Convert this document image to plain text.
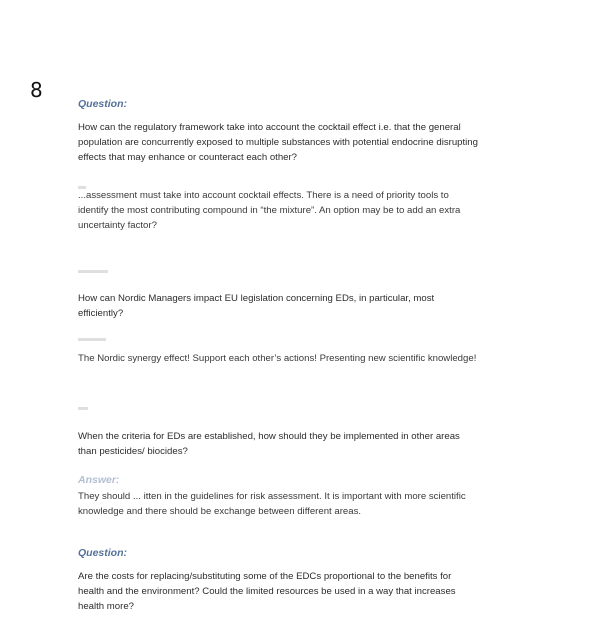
8
Question:
How can the regulatory framework take into account the cocktail effect i.e. that the general population are concurrently exposed to multiple substances with potential endocrine disrupting effects that may enhance or counteract each other?
...assessment must take into account cocktail effects. There is a need of priority tools to identify the most contributing compound in “the mixture”. An option may be to add an extra uncertainty factor?
How can Nordic Managers impact EU legislation concerning EDs, in particular, most efficiently?
The Nordic synergy effect! Support each other’s actions! Presenting new scientific knowledge!
When the criteria for EDs are established, how should they be implemented in other areas than pesticides/ biocides?
Answer:
They should ... itten in the guidelines for risk assessment. It is important with more scientific knowledge and there should be exchange between different areas.
Question:
Are the costs for replacing/substituting some of the EDCs proportional to the benefits for health and the environment? Could the limited resources be used in a way that increases health more?
